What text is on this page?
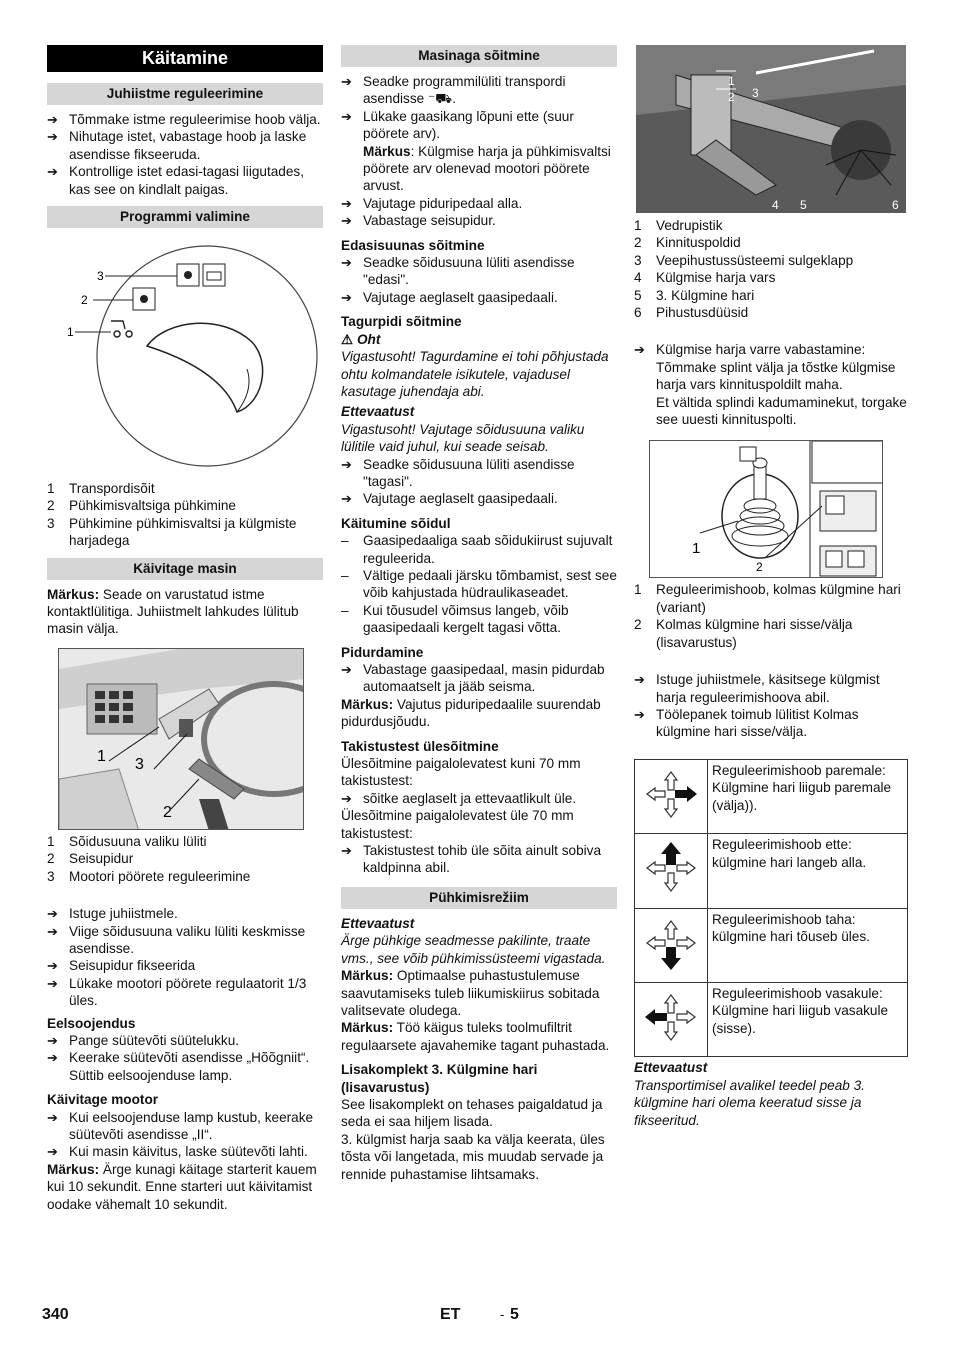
Käitamine
Juhiistme reguleerimine
➔ Tõmmake istme reguleerimise hoob välja.
➔ Nihutage istet, vabastage hoob ja laske asendisse fikseeruda.
➔ Kontrollige istet edasi-tagasi liigutades, kas see on kindlalt paigas.
Programmi valimine
3
2
1
1	Transpordisõit
2	Pühkimisvaltsiga pühkimine
3	Pühkimine pühkimisvaltsi ja külgmiste harjadega
Käivitage masin
Märkus: Seade on varustatud istme kontaktlülitiga. Juhiistmelt lahkudes lülitub masin välja.
1 3
2
1	Sõidusuuna valiku lüliti
2	Seisupidur
3	Mootori pöörete reguleerimine
➔ Istuge juhiistmele.
➔ Viige sõidusuuna valiku lüliti keskmisse asendisse.
➔ Seisupidur fikseerida
➔ Lükake mootori pöörete regulaatorit 1/3 üles.
Eelsoojendus
➔ Pange süütevõti süütelukku.
➔ Keerake süütevõti asendisse „Hõõgniit“.
Süttib eelsoojenduse lamp.
Käivitage mootor
➔ Kui eelsoojenduse lamp kustub, keerake süütevõti asendisse „II“.
➔ Kui masin käivitus, laske süütevõti lahti.
Märkus: Ärge kunagi käitage starterit kauem kui 10 sekundit. Enne starteri uut käivitamist oodake vähemalt 10 sekundit.
Masinaga sõitmine
➔ Seadke programmilüliti transpordi asendisse ⁻⛟.
➔ Lükake gaasikang lõpuni ette (suur pöörete arv).
Märkus: Külgmise harja ja pühkimisvaltsi pöörete arv olenevad mootori pöörete arvust.
➔ Vajutage piduripedaal alla.
➔ Vabastage seisupidur.
Edasisuunas sõitmine
➔ Seadke sõidusuuna lüliti asendisse "edasi".
➔ Vajutage aeglaselt gaasipedaali.
Tagurpidi sõitmine
⚠ Oht
Vigastusoht! Tagurdamine ei tohi põhjustada ohtu kolmandatele isikutele, vajadusel kasutage juhendaja abi.
Ettevaatust
Vigastusoht! Vajutage sõidusuuna valiku lülitile vaid juhul, kui seade seisab.
➔ Seadke sõidusuuna lüliti asendisse "tagasi".
➔ Vajutage aeglaselt gaasipedaali.
Käitumine sõidul
–	Gaasipedaaliga saab sõidukiirust sujuvalt reguleerida.
–	Vältige pedaali järsku tõmbamist, sest see võib kahjustada hüdraulikaseadet.
–	Kui tõusudel võimsus langeb, võib gaasipedaali kergelt tagasi võtta.
Pidurdamine
➔ Vabastage gaasipedaal, masin pidurdab automaatselt ja jääb seisma.
Märkus: Vajutus piduripedaalile suurendab pidurdusjõudu.
Takistustest ülesõitmine
Ülesõitmine paigalolevatest kuni 70 mm takistustest:
➔ sõitke aeglaselt ja ettevaatlikult üle.
Ülesõitmine paigalolevatest üle 70 mm takistustest:
➔ Takistustest tohib üle sõita ainult sobiva kaldpinna abil.
Pühkimisrežiim
Ettevaatust
Ärge pühkige seadmesse pakilinte, traate vms., see võib pühkimissüsteemi vigastada.
Märkus: Optimaalse puhastustulemuse saavutamiseks tuleb liikumiskiirus sobitada valitsevate oludega.
Märkus: Töö käigus tuleks toolmufiltrit regulaarsete ajavahemike tagant puhastada.
Lisakomplekt 3. Külgmine hari (lisavarustus)
See lisakomplekt on tehases paigaldatud ja seda ei saa hiljem lisada.
3. külgmist harja saab ka välja keerata, üles tõsta või langetada, mis muudab servade ja rennide puhastamise lihtsamaks.
1
2 3
4 5	6
1	Vedrupistik
2	Kinnituspoldid
3	Veepihustussüsteemi sulgeklapp
4	Külgmise harja vars
5	3. Külgmine hari
6	Pihustusdüüsid
➔ Külgmise harja varre vabastamine:
Tõmmake splint välja ja tõstke külgmise harja vars kinnituspoldilt maha.
Et vältida splindi kadumaminekut, torgake see uuesti kinnituspolti.
1
2
1	Reguleerimishoob, kolmas külgmine hari (variant)
2	Kolmas külgmine hari sisse/välja (lisavarustus)
➔ Istuge juhiistmele, käsitsege külgmist harja reguleerimishoova abil.
➔ Töölepanek toimub lülitist Kolmas külgmine hari sisse/välja.
	Reguleerimishoob paremale: Külgmine hari liigub paremale (välja)).
	Reguleerimishoob ette: külgmine hari langeb alla.
	Reguleerimishoob taha: külgmine hari tõuseb üles.
	Reguleerimishoob vasakule: Külgmine hari liigub vasakule (sisse).
Ettevaatust
Transportimisel avalikel teedel peab 3. külgmine hari olema keeratud sisse ja fikseeritud.
340	ET	- 5
